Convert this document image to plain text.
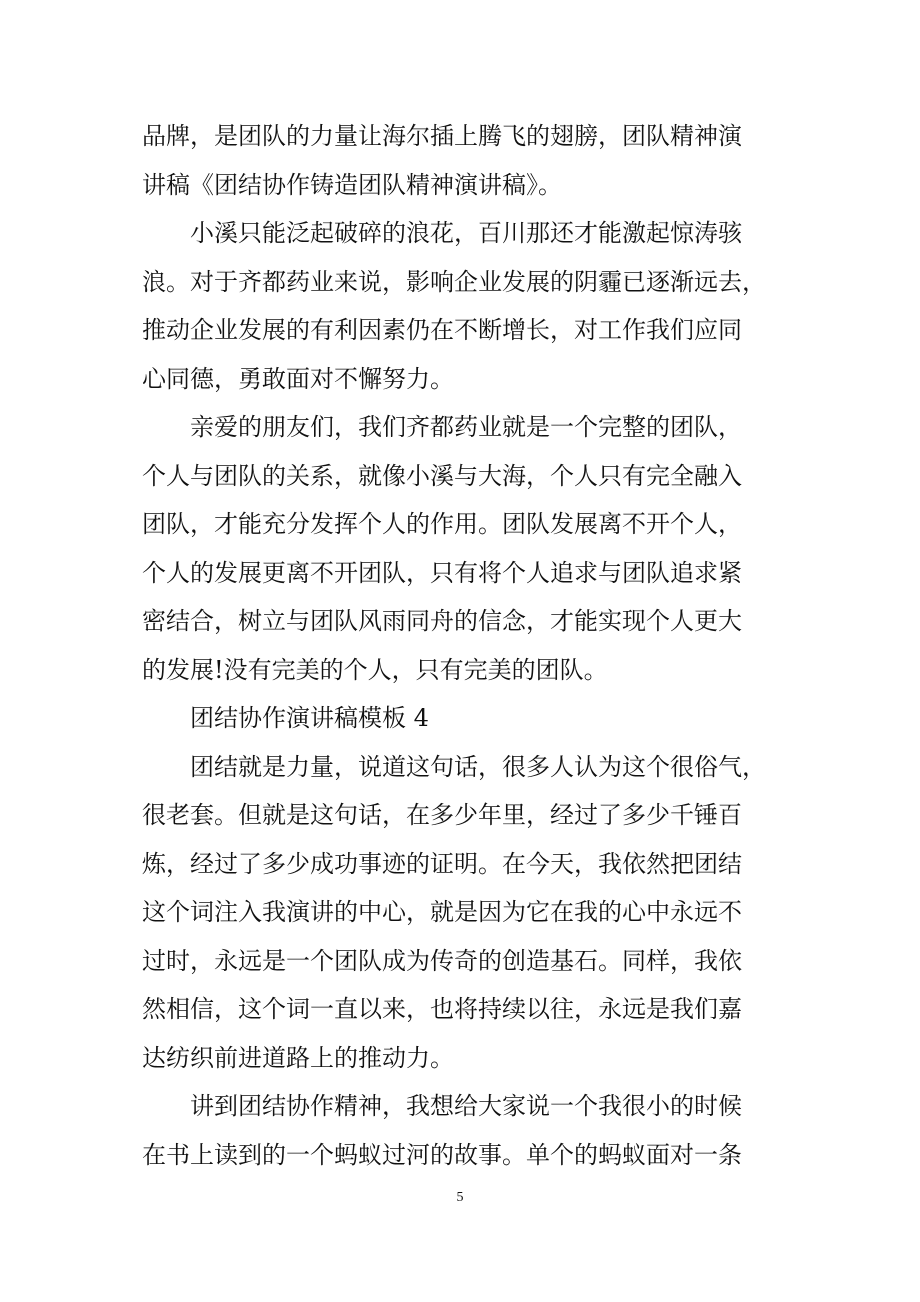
品牌，是团队的力量让海尔插上腾飞的翅膀，团队精神演
讲稿《团结协作铸造团队精神演讲稿》。
小溪只能泛起破碎的浪花，百川那还才能激起惊涛骇
浪。对于齐都药业来说，影响企业发展的阴霾已逐渐远去，
推动企业发展的有利因素仍在不断增长，对工作我们应同
心同德，勇敢面对不懈努力。
亲爱的朋友们，我们齐都药业就是一个完整的团队，
个人与团队的关系，就像小溪与大海，个人只有完全融入
团队，才能充分发挥个人的作用。团队发展离不开个人，
个人的发展更离不开团队，只有将个人追求与团队追求紧
密结合，树立与团队风雨同舟的信念，才能实现个人更大
的发展!没有完美的个人，只有完美的团队。
团结协作演讲稿模板 4
团结就是力量，说道这句话，很多人认为这个很俗气，
很老套。但就是这句话，在多少年里，经过了多少千锤百
炼，经过了多少成功事迹的证明。在今天，我依然把团结
这个词注入我演讲的中心，就是因为它在我的心中永远不
过时，永远是一个团队成为传奇的创造基石。同样，我依
然相信，这个词一直以来，也将持续以往，永远是我们嘉
达纺织前进道路上的推动力。
讲到团结协作精神，我想给大家说一个我很小的时候
在书上读到的一个蚂蚁过河的故事。单个的蚂蚁面对一条
5
